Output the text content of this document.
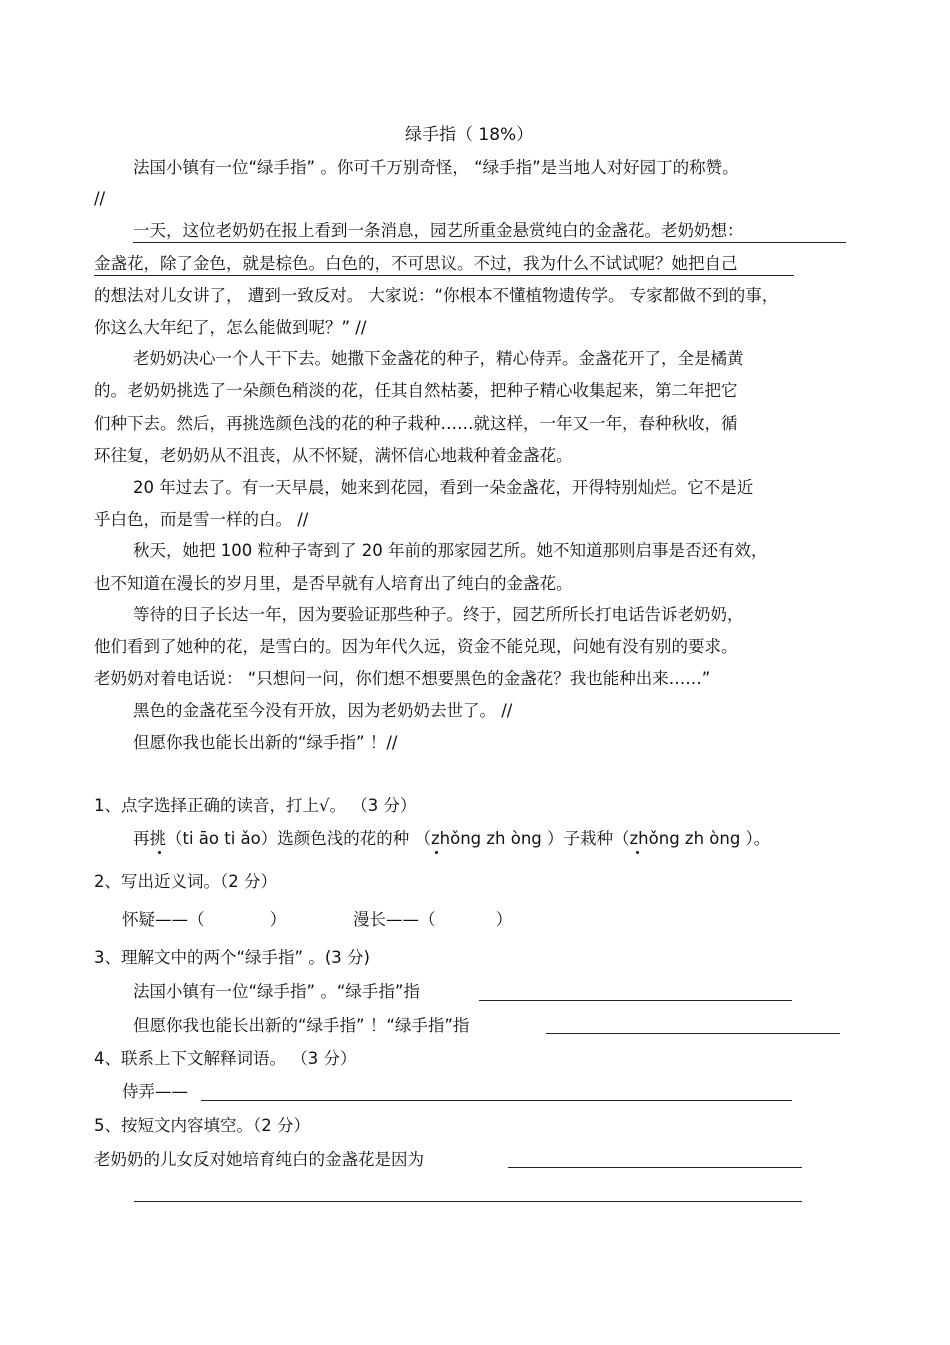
绿手指（ 18%）
法国小镇有一位“绿手指” 。你可千万别奇怪， “绿手指”是当地人对好园丁的称赞。
//
一天，这位老奶奶在报上看到一条消息，园艺所重金悬赏纯白的金盏花。老奶奶想：
金盏花，除了金色，就是棕色。白色的，不可思议。不过，我为什么不试试呢？她把自己
的想法对儿女讲了， 遭到一致反对。 大家说：“你根本不懂植物遗传学。 专家都做不到的事，
你这么大年纪了，怎么能做到呢？” //
老奶奶决心一个人干下去。她撒下金盏花的种子，精心侍弄。金盏花开了，全是橘黄
的。老奶奶挑选了一朵颜色稍淡的花，任其自然枯萎，把种子精心收集起来，第二年把它
们种下去。然后，再挑选颜色浅的花的种子栽种……就这样，一年又一年，春种秋收，循
环往复，老奶奶从不沮丧，从不怀疑，满怀信心地栽种着金盏花。
20 年过去了。有一天早晨，她来到花园，看到一朵金盏花，开得特别灿烂。它不是近
乎白色，而是雪一样的白。 //
秋天，她把 100 粒种子寄到了 20 年前的那家园艺所。她不知道那则启事是否还有效，
也不知道在漫长的岁月里，是否早就有人培育出了纯白的金盏花。
等待的日子长达一年，因为要验证那些种子。终于，园艺所所长打电话告诉老奶奶，
他们看到了她种的花，是雪白的。因为年代久远，资金不能兑现，问她有没有别的要求。
老奶奶对着电话说： “只想问一问，你们想不想要黑色的金盏花？我也能种出来……”
黑色的金盏花至今没有开放，因为老奶奶去世了。 //
但愿你我也能长出新的“绿手指” ！//
1、点字选择正确的读音，打上√。 （3 分）
再挑（ti āo ti ǎo）选颜色浅的花的种 （zhǒng zh òng ）子栽种（zhǒng zh òng ）。
2、写出近义词。（2 分）
怀疑——（ ）	漫长——（ ）
3、理解文中的两个“绿手指” 。(3 分)
法国小镇有一位“绿手指” 。“绿手指”指
但愿你我也能长出新的“绿手指” ！“绿手指”指
4、联系上下文解释词语。 （3 分）
侍弄——
5、按短文内容填空。（2 分）
老奶奶的儿女反对她培育纯白的金盏花是因为
